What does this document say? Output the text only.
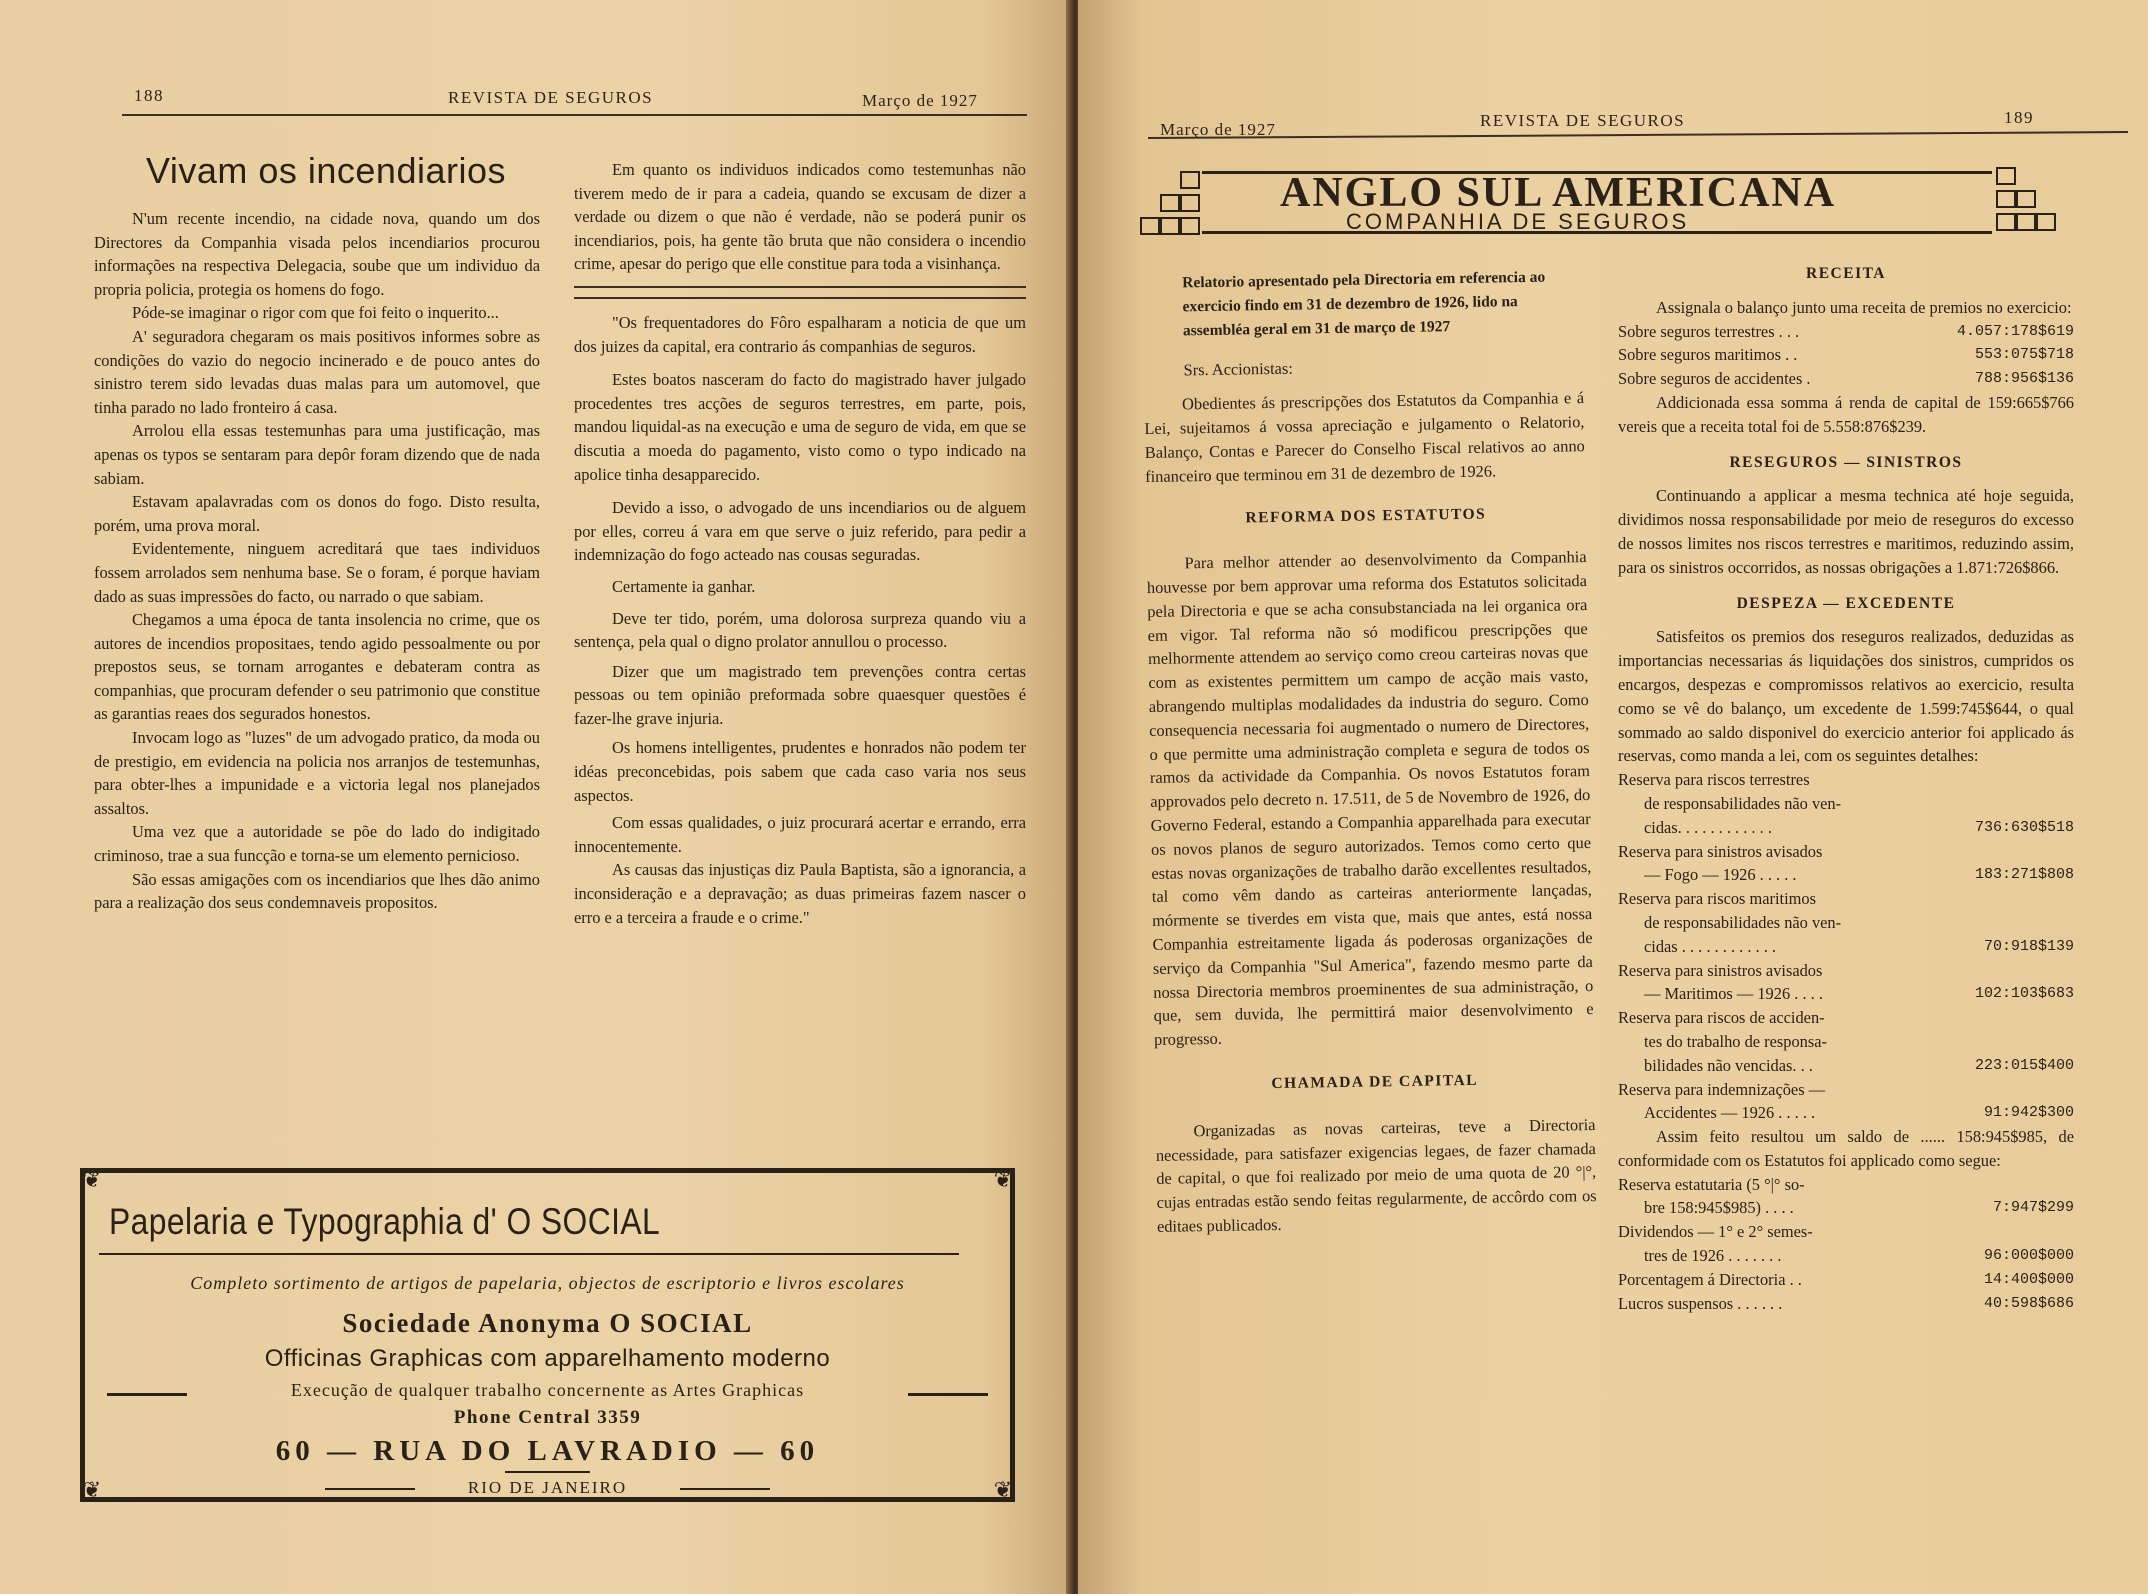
188	REVISTA DE SEGUROS	Março de 1927
Vivam os incendiarios

N'um recente incendio, na cidade nova, quando um dos Directores da Companhia visada pelos incendiarios procurou informações na respectiva Delegacia, soube que um individuo da propria policia, protegia os homens do fogo.

Póde-se imaginar o rigor com que foi feito o inquerito...

A' seguradora chegaram os mais positivos informes sobre as condições do vazio do negocio incinerado e de pouco antes do sinistro terem sido levadas duas malas para um automovel, que tinha parado no lado fronteiro á casa.

Arrolou ella essas testemunhas para uma justificação, mas apenas os typos se sentaram para depôr foram dizendo que de nada sabiam.

Estavam apalavradas com os donos do fogo. Disto resulta, porém, uma prova moral.

Evidentemente, ninguem acreditará que taes individuos fossem arrolados sem nenhuma base. Se o foram, é porque haviam dado as suas impressões do facto, ou narrado o que sabiam.

Chegamos a uma época de tanta insolencia no crime, que os autores de incendios propositaes, tendo agido pessoalmente ou por prepostos seus, se tornam arrogantes e debateram contra as companhias, que procuram defender o seu patrimonio que constitue as garantias reaes dos segurados honestos.

Invocam logo as "luzes" de um advogado pratico, da moda ou de prestigio, em evidencia na policia nos arranjos de testemunhas, para obter-lhes a impunidade e a victoria legal nos planejados assaltos.

Uma vez que a autoridade se põe do lado do indigitado criminoso, trae a sua funcção e torna-se um elemento pernicioso.

São essas amigações com os incendiarios que lhes dão animo para a realização dos seus condemnaveis propositos.

Em quanto os individuos indicados como testemunhas não tiverem medo de ir para a cadeia, quando se excusam de dizer a verdade ou dizem o que não é verdade, não se poderá punir os incendiarios, pois, ha gente tão bruta que não considera o incendio crime, apesar do perigo que elle constitue para toda a visinhança.

"Os frequentadores do Fôro espalharam a noticia de que um dos juizes da capital, era contrario ás companhias de seguros.

Estes boatos nasceram do facto do magistrado haver julgado procedentes tres acções de seguros terrestres, em parte, pois, mandou liquidal-as na execução e uma de seguro de vida, em que se discutia a moeda do pagamento, visto como o typo indicado na apolice tinha desapparecido.

Devido a isso, o advogado de uns incendiarios ou de alguem por elles, correu á vara em que serve o juiz referido, para pedir a indemnização do fogo acteado nas cousas seguradas.

Certamente ia ganhar.

Deve ter tido, porém, uma dolorosa surpreza quando viu a sentença, pela qual o digno prolator annullou o processo.

Dizer que um magistrado tem prevenções contra certas pessoas ou tem opinião preformada sobre quaesquer questões é fazer-lhe grave injuria.

Os homens intelligentes, prudentes e honrados não podem ter idéas preconcebidas, pois sabem que cada caso varia nos seus aspectos.

Com essas qualidades, o juiz procurará acertar e errando, erra innocentemente.

As causas das injustiças diz Paula Baptista, são a ignorancia, a inconsideração e a depravação; as duas primeiras fazem nascer o erro e a terceira a fraude e o crime."

❦	❦
❦	❦
Papelaria e Typographia d' O SOCIAL
Completo sortimento de artigos de papelaria, objectos de escriptorio e livros escolares
Sociedade Anonyma O SOCIAL
Officinas Graphicas com apparelhamento moderno
Execução de qualquer trabalho concernente as Artes Graphicas
Phone Central 3359
60 — RUA DO LAVRADIO — 60
RIO DE JANEIRO
Março de 1927	REVISTA DE SEGUROS	189
ANGLO SUL AMERICANA
COMPANHIA DE SEGUROS

Relatorio apresentado pela Directoria em referencia ao exercicio findo em 31 de dezembro de 1926, lido na assembléa geral em 31 de março de 1927

Srs. Accionistas:

Obedientes ás prescripções dos Estatutos da Companhia e á Lei, sujeitamos á vossa apreciação e julgamento o Relatorio, Balanço, Contas e Parecer do Conselho Fiscal relativos ao anno financeiro que terminou em 31 de dezembro de 1926.

REFORMA DOS ESTATUTOS

Para melhor attender ao desenvolvimento da Companhia houvesse por bem approvar uma reforma dos Estatutos solicitada pela Directoria e que se acha consubstanciada na lei organica ora em vigor. Tal reforma não só modificou prescripções que melhormente attendem ao serviço como creou carteiras novas que com as existentes permittem um campo de acção mais vasto, abrangendo multiplas modalidades da industria do seguro. Como consequencia necessaria foi augmentado o numero de Directores, o que permitte uma administração completa e segura de todos os ramos da actividade da Companhia. Os novos Estatutos foram approvados pelo decreto n. 17.511, de 5 de Novembro de 1926, do Governo Federal, estando a Companhia apparelhada para executar os novos planos de seguro autorizados. Temos como certo que estas novas organizações de trabalho darão excellentes resultados, tal como vêm dando as carteiras anteriormente lançadas, mórmente se tiverdes em vista que, mais que antes, está nossa Companhia estreitamente ligada ás poderosas organizações de serviço da Companhia "Sul America", fazendo mesmo parte da nossa Directoria membros proeminentes de sua administração, o que, sem duvida, lhe permittirá maior desenvolvimento e progresso.

CHAMADA DE CAPITAL

Organizadas as novas carteiras, teve a Directoria necessidade, para satisfazer exigencias legaes, de fazer chamada de capital, o que foi realizado por meio de uma quota de 20 °|°, cujas entradas estão sendo feitas regularmente, de accôrdo com os editaes publicados.

RECEITA

Assignala o balanço junto uma receita de premios no exercicio:

Sobre seguros terrestres . . .	4.057:178$619
Sobre seguros maritimos . .	553:075$718
Sobre seguros de accidentes .	788:956$136

Addicionada essa somma á renda de capital de 159:665$766 vereis que a receita total foi de 5.558:876$239.

RESEGUROS — SINISTROS

Continuando a applicar a mesma technica até hoje seguida, dividimos nossa responsabilidade por meio de reseguros do excesso de nossos limites nos riscos terrestres e maritimos, reduzindo assim, para os sinistros occorridos, as nossas obrigações a 1.871:726$866.

DESPEZA — EXCEDENTE

Satisfeitos os premios dos reseguros realizados, deduzidas as importancias necessarias ás liquidações dos sinistros, cumpridos os encargos, despezas e compromissos relativos ao exercicio, resulta como se vê do balanço, um excedente de 1.599:745$644, o qual sommado ao saldo disponivel do exercicio anterior foi applicado ás reservas, como manda a lei, com os seguintes detalhes:

Reserva para riscos terrestres
de responsabilidades não ven-
cidas. . . . . . . . . . . .	736:630$518
Reserva para sinistros avisados
— Fogo — 1926 . . . . .	183:271$808
Reserva para riscos maritimos
de responsabilidades não ven-
cidas . . . . . . . . . . . .	70:918$139
Reserva para sinistros avisados
— Maritimos — 1926 . . . .	102:103$683
Reserva para riscos de acciden-
tes do trabalho de responsa-
bilidades não vencidas. . .	223:015$400
Reserva para indemnizações —
Accidentes — 1926 . . . . .	91:942$300

Assim feito resultou um saldo de ...... 158:945$985, de conformidade com os Estatutos foi applicado como segue:

Reserva estatutaria (5 °|° so-
bre 158:945$985) . . . .	7:947$299
Dividendos — 1° e 2° semes-
tres de 1926 . . . . . . .	96:000$000
Porcentagem á Directoria . .	14:400$000
Lucros suspensos . . . . . .	40:598$686
